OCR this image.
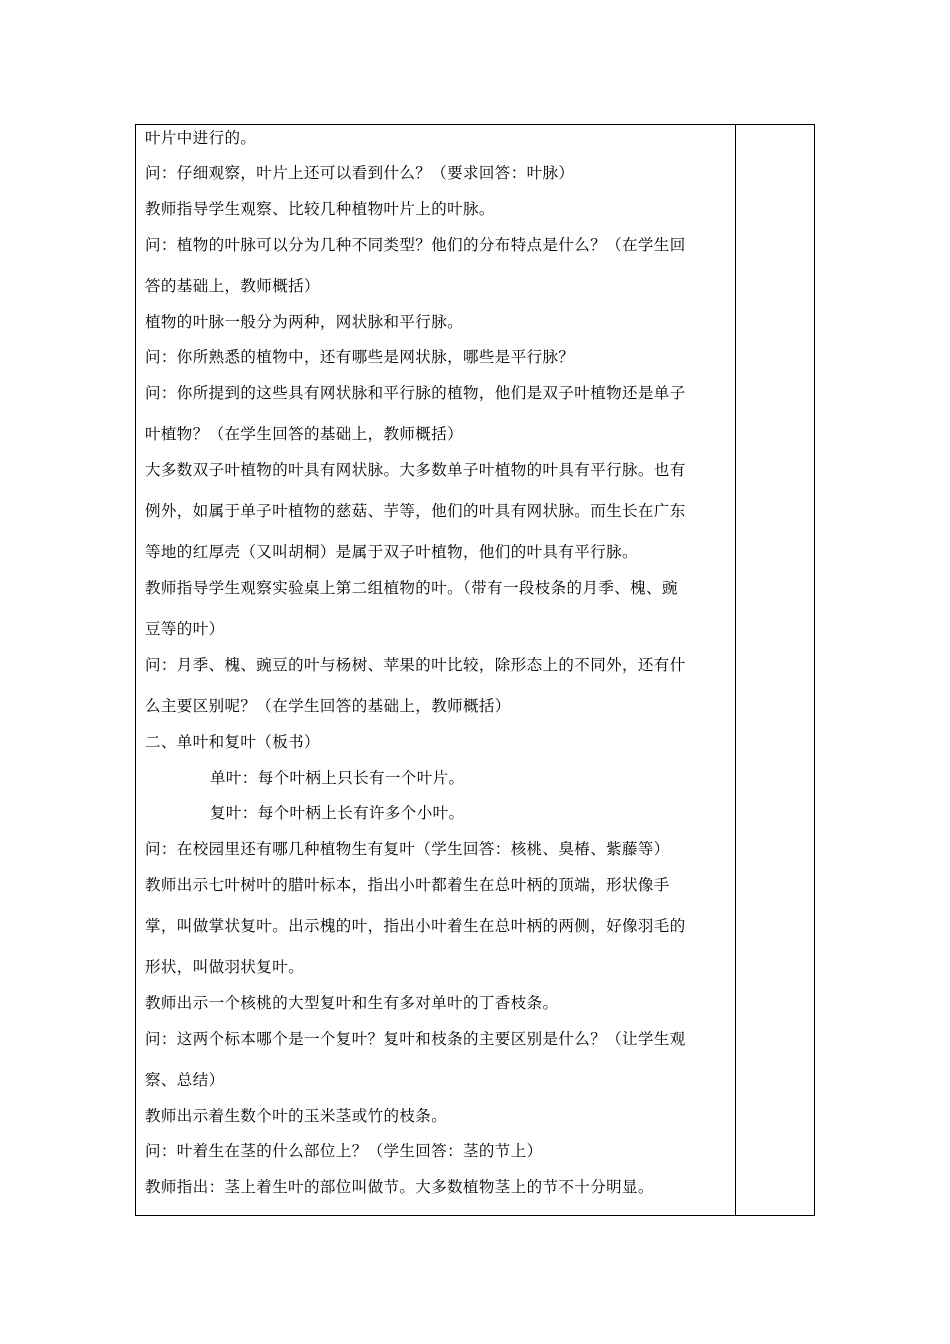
叶片中进行的。
问：仔细观察，叶片上还可以看到什么？（要求回答：叶脉）
教师指导学生观察、比较几种植物叶片上的叶脉。
问：植物的叶脉可以分为几种不同类型？他们的分布特点是什么？（在学生回
答的基础上，教师概括）
植物的叶脉一般分为两种，网状脉和平行脉。
问：你所熟悉的植物中，还有哪些是网状脉，哪些是平行脉？
问：你所提到的这些具有网状脉和平行脉的植物，他们是双子叶植物还是单子
叶植物？（在学生回答的基础上，教师概括）
大多数双子叶植物的叶具有网状脉。大多数单子叶植物的叶具有平行脉。也有
例外，如属于单子叶植物的慈菇、芋等，他们的叶具有网状脉。而生长在广东
等地的红厚壳（又叫胡桐）是属于双子叶植物，他们的叶具有平行脉。
教师指导学生观察实验桌上第二组植物的叶。（带有一段枝条的月季、槐、豌
豆等的叶）
问：月季、槐、豌豆的叶与杨树、苹果的叶比较，除形态上的不同外，还有什
么主要区别呢？（在学生回答的基础上，教师概括）
二、单叶和复叶（板书）
单叶：每个叶柄上只长有一个叶片。
复叶：每个叶柄上长有许多个小叶。
问：在校园里还有哪几种植物生有复叶（学生回答：核桃、臭椿、紫藤等）
教师出示七叶树叶的腊叶标本，指出小叶都着生在总叶柄的顶端，形状像手
掌，叫做掌状复叶。出示槐的叶，指出小叶着生在总叶柄的两侧，好像羽毛的
形状，叫做羽状复叶。
教师出示一个核桃的大型复叶和生有多对单叶的丁香枝条。
问：这两个标本哪个是一个复叶？复叶和枝条的主要区别是什么？（让学生观
察、总结）
教师出示着生数个叶的玉米茎或竹的枝条。
问：叶着生在茎的什么部位上？（学生回答：茎的节上）
教师指出：茎上着生叶的部位叫做节。大多数植物茎上的节不十分明显。
